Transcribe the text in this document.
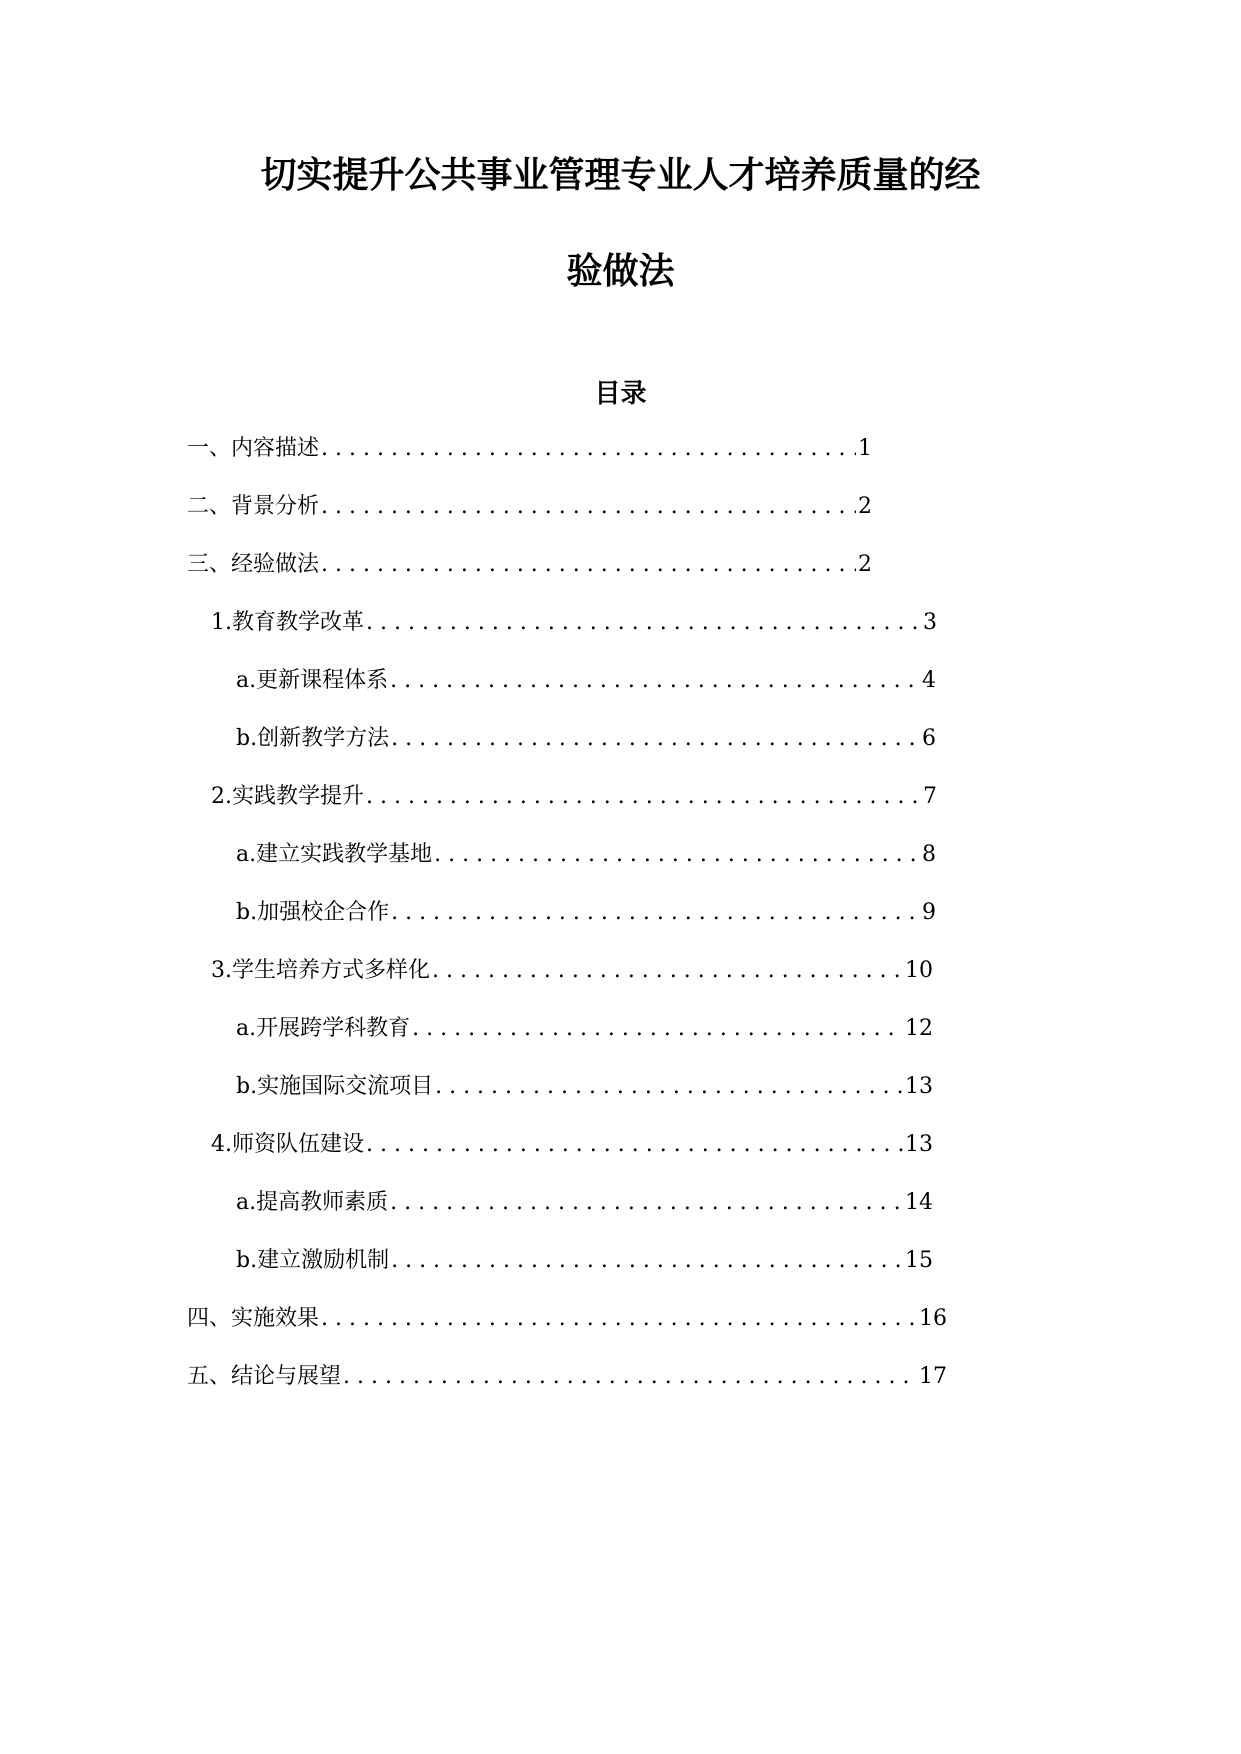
切实提升公共事业管理专业人才培养质量的经
验做法
目录
一、内容描述 . . .	1
二、背景分析 . . .	2
三、经验做法 . . .	2
1. 教育教学改革 . . .	3
a. 更新课程体系 . . .	4
b. 创新教学方法 . . .	6
2. 实践教学提升 . . .	7
a. 建立实践教学基地 . . .	8
b. 加强校企合作 . . .	9
3. 学生培养方式多样化 . . .	10
a. 开展跨学科教育 . . .	12
b. 实施国际交流项目 . . .	13
4. 师资队伍建设 . . .	13
a. 提高教师素质 . . .	14
b. 建立激励机制 . . .	15
四、实施效果 . . .	16
五、结论与展望 . . .	17
